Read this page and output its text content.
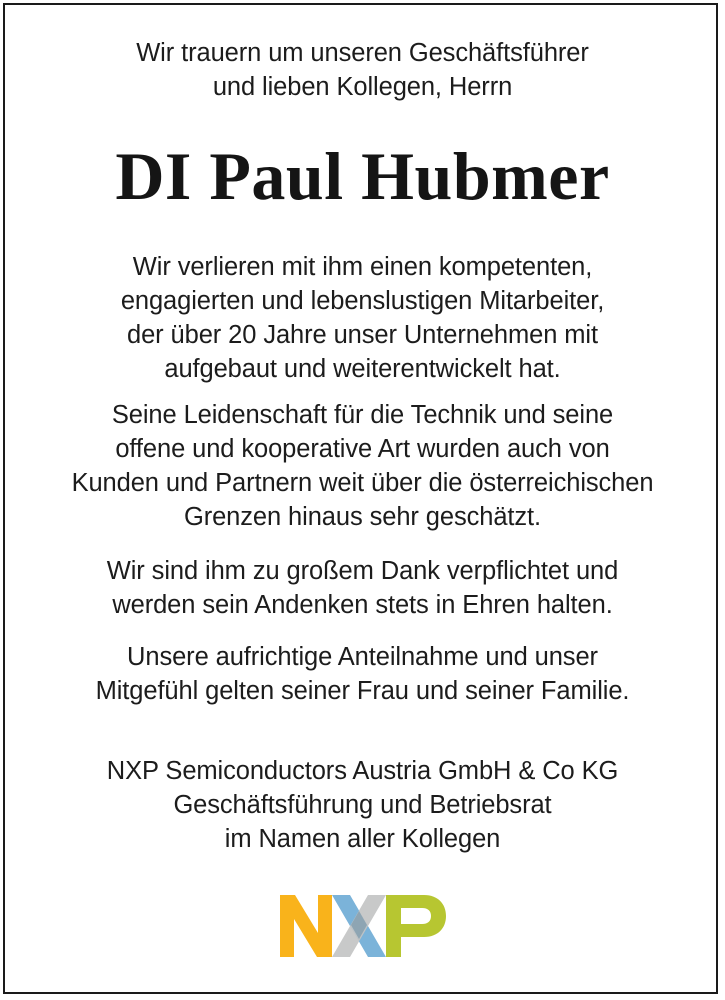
Wir trauern um unseren Geschäftsführer
und lieben Kollegen, Herrn
DI Paul Hubmer
Wir verlieren mit ihm einen kompetenten,
engagierten und lebenslustigen Mitarbeiter,
der über 20 Jahre unser Unternehmen mit
aufgebaut und weiterentwickelt hat.
Seine Leidenschaft für die Technik und seine
offene und kooperative Art wurden auch von
Kunden und Partnern weit über die österreichischen
Grenzen hinaus sehr geschätzt.
Wir sind ihm zu großem Dank verpflichtet und
werden sein Andenken stets in Ehren halten.
Unsere aufrichtige Anteilnahme und unser
Mitgefühl gelten seiner Frau und seiner Familie.
NXP Semiconductors Austria GmbH & Co KG
Geschäftsführung und Betriebsrat
im Namen aller Kollegen
